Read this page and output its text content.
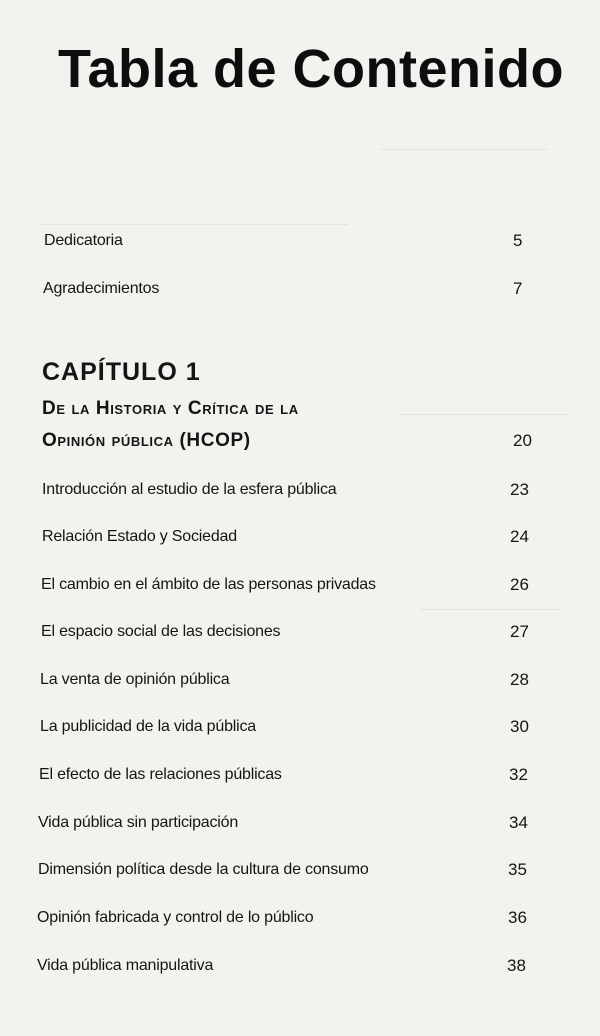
————————————
——————————————————————
————————————
——————————
Tabla de Contenido
Dedicatoria	5
Agradecimientos	7
CAPÍTULO 1
De la Historia y Crítica de la
Opinión pública (HCOP)	20
Introducción al estudio de la esfera pública	23
Relación Estado y Sociedad	24
El cambio en el ámbito de las personas privadas	26
El espacio social de las decisiones	27
La venta de opinión pública	28
La publicidad de la vida pública	30
El efecto de las relaciones públicas	32
Vida pública sin participación	34
Dimensión política desde la cultura de consumo	35
Opinión fabricada y control de lo público	36
Vida pública manipulativa	38
